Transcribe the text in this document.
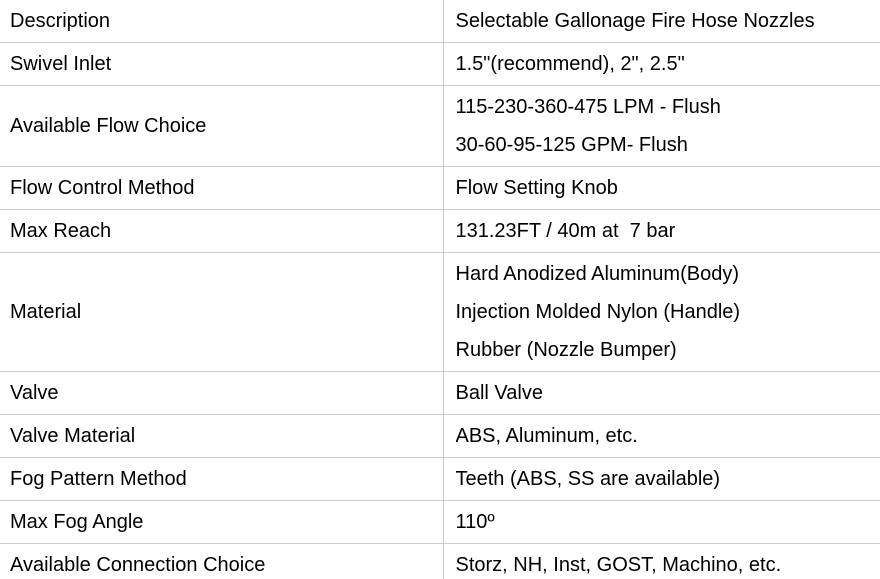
Description	Selectable Gallonage Fire Hose Nozzles

Swivel Inlet	1.5"(recommend), 2", 2.5"

Available Flow Choice	115-230-360-475 LPM - Flush
30-60-95-125 GPM- Flush

Flow Control Method	Flow Setting Knob

Max Reach	131.23FT / 40m at  7 bar

Material	Hard Anodized Aluminum(Body)
Injection Molded Nylon (Handle)
Rubber (Nozzle Bumper)

Valve	Ball Valve

Valve Material	ABS, Aluminum, etc.

Fog Pattern Method	Teeth (ABS, SS are available)

Max Fog Angle	110º

Available Connection Choice	Storz, NH, Inst, GOST, Machino, etc.
